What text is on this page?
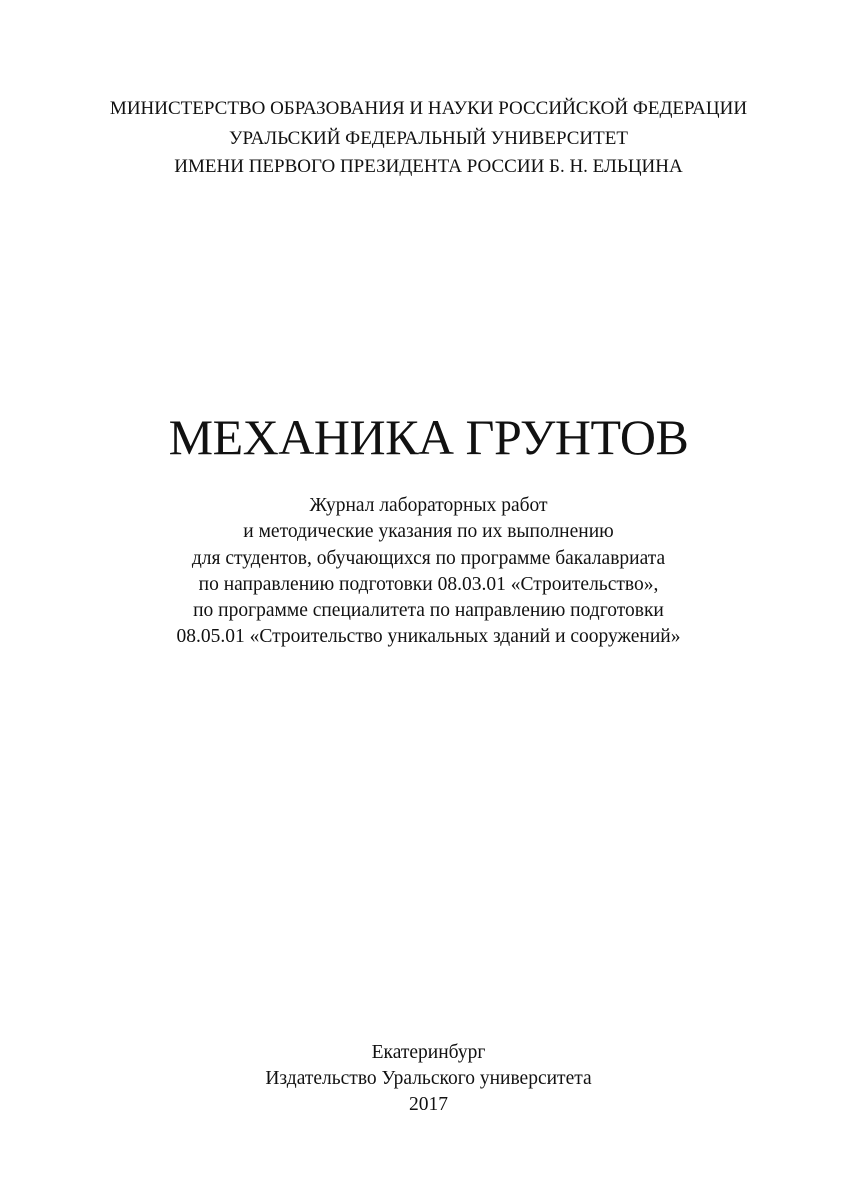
МИНИСТЕРСТВО ОБРАЗОВАНИЯ И НАУКИ РОССИЙСКОЙ ФЕДЕРАЦИИ
УРАЛЬСКИЙ ФЕДЕРАЛЬНЫЙ УНИВЕРСИТЕТ
ИМЕНИ ПЕРВОГО ПРЕЗИДЕНТА РОССИИ Б. Н. ЕЛЬЦИНА
МЕХАНИКА ГРУНТОВ
Журнал лабораторных работ
и методические указания по их выполнению
для студентов, обучающихся по программе бакалавриата
по направлению подготовки 08.03.01 «Строительство»,
по программе специалитета по направлению подготовки
08.05.01 «Строительство уникальных зданий и сооружений»
Екатеринбург
Издательство Уральского университета
2017
